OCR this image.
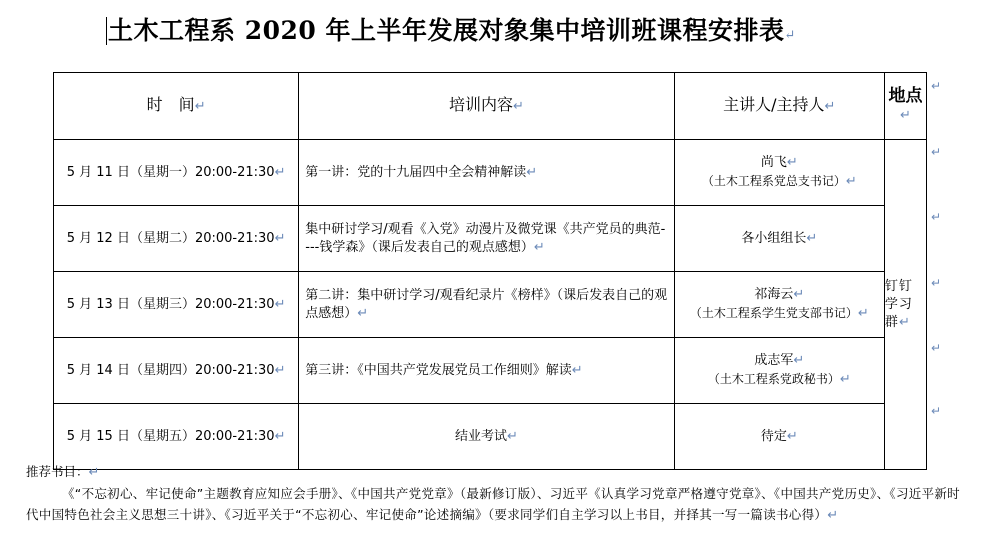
土木工程系 2020 年上半年发展对象集中培训班课程安排表↵
↵
↵
↵
↵
↵
↵
时　间↵	培训内容↵	主讲人/主持人↵	地点↵
5 月 11 日（星期一）20:00-21:30↵	第一讲：党的十九届四中全会精神解读↵	尚飞↵
（土木工程系党总支书记）↵	钉钉学习群↵
5 月 12 日（星期二）20:00-21:30↵	集中研讨学习/观看《入党》动漫片及微党课《共产党员的典范----钱学森》（课后发表自己的观点感想）↵	各小组组长↵	
5 月 13 日（星期三）20:00-21:30↵	第二讲：集中研讨学习/观看纪录片《榜样》（课后发表自己的观点感想）↵	祁海云↵
（土木工程系学生党支部书记）↵	
5 月 14 日（星期四）20:00-21:30↵	第三讲：《中国共产党发展党员工作细则》解读↵	成志军↵
（土木工程系党政秘书）↵	
5 月 15 日（星期五）20:00-21:30↵	结业考试↵	待定↵	
推荐书目：↵
《“不忘初心、牢记使命”主题教育应知应会手册》、《中国共产党党章》（最新修订版）、习近平《认真学习党章严格遵守党章》、《中国共产党历史》、《习近平新时代中国特色社会主义思想三十讲》、《习近平关于“不忘初心、牢记使命”论述摘编》（要求同学们自主学习以上书目，并择其一写一篇读书心得）↵
